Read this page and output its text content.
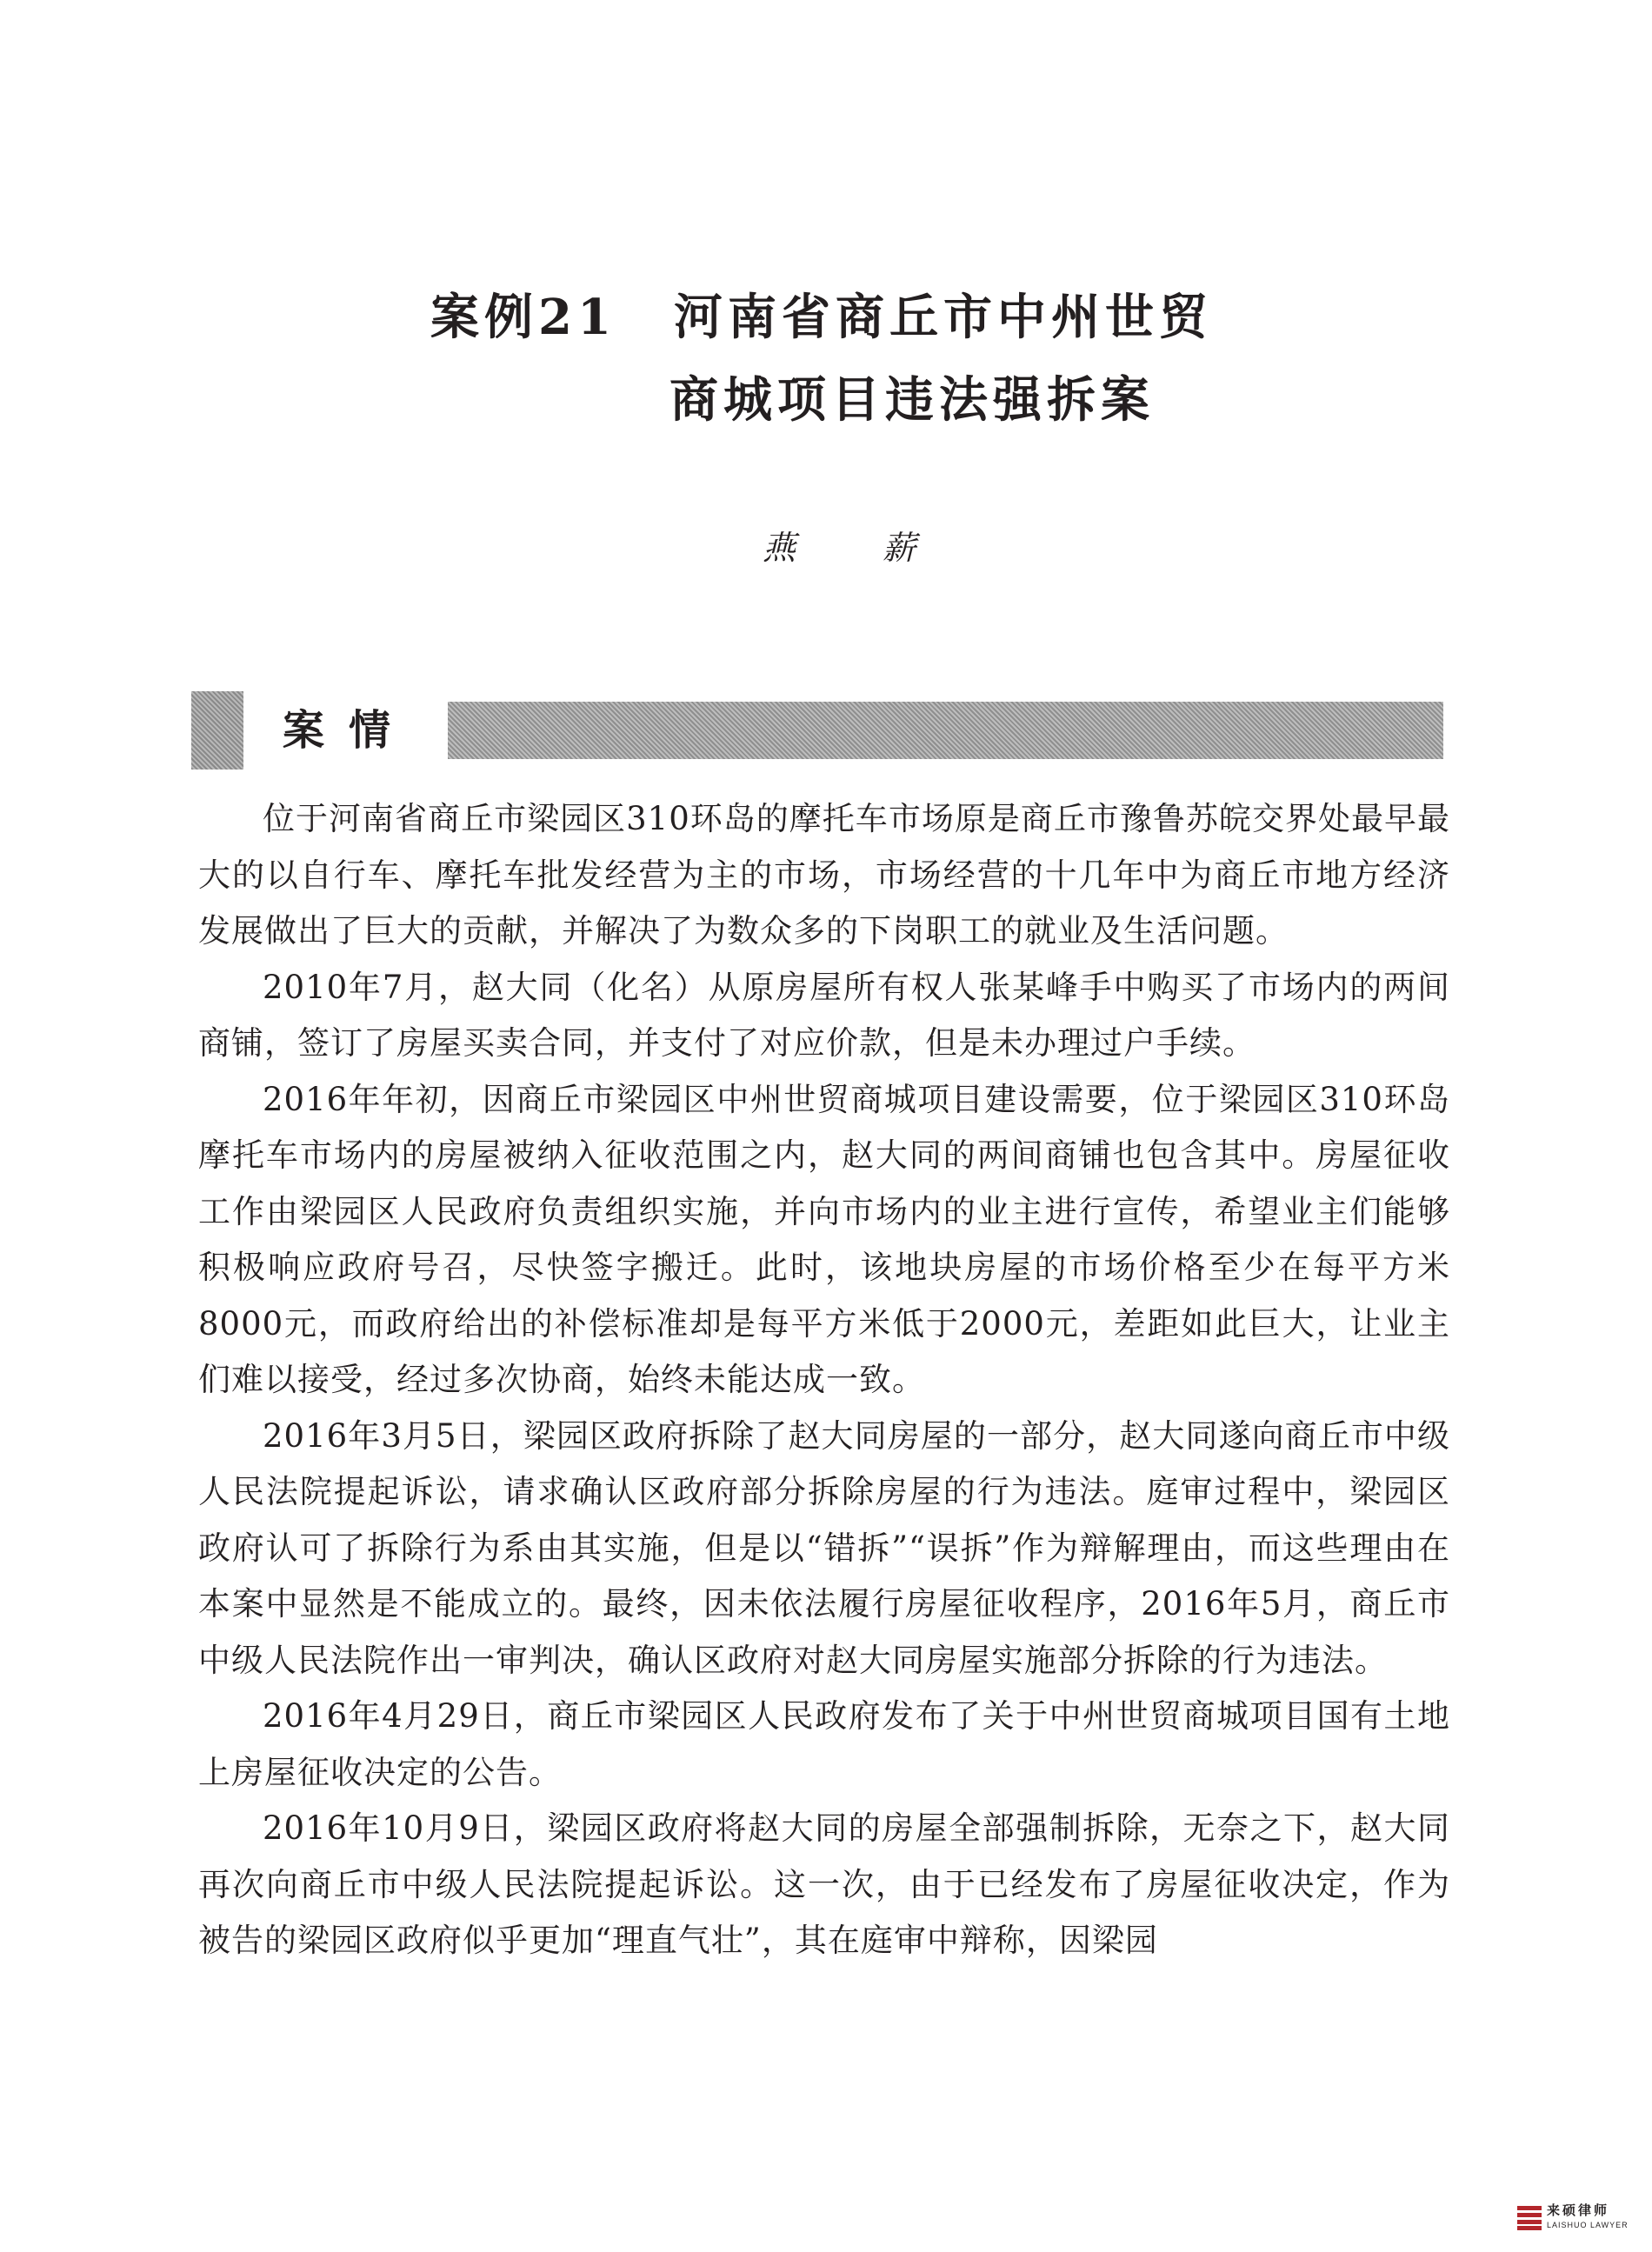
案例21 河南省商丘市中州世贸
商城项目违法强拆案
燕 薪
案情

位于河南省商丘市梁园区310环岛的摩托车市场原是商丘市豫鲁苏皖交界处最早最大的以自行车、摩托车批发经营为主的市场，市场经营的十几年中为商丘市地方经济发展做出了巨大的贡献，并解决了为数众多的下岗职工的就业及生活问题。

2010年7月，赵大同（化名）从原房屋所有权人张某峰手中购买了市场内的两间商铺，签订了房屋买卖合同，并支付了对应价款，但是未办理过户手续。

2016年年初，因商丘市梁园区中州世贸商城项目建设需要，位于梁园区310环岛摩托车市场内的房屋被纳入征收范围之内，赵大同的两间商铺也包含其中。房屋征收工作由梁园区人民政府负责组织实施，并向市场内的业主进行宣传，希望业主们能够积极响应政府号召，尽快签字搬迁。此时，该地块房屋的市场价格至少在每平方米8000元，而政府给出的补偿标准却是每平方米低于2000元，差距如此巨大，让业主们难以接受，经过多次协商，始终未能达成一致。

2016年3月5日，梁园区政府拆除了赵大同房屋的一部分，赵大同遂向商丘市中级人民法院提起诉讼，请求确认区政府部分拆除房屋的行为违法。庭审过程中，梁园区政府认可了拆除行为系由其实施，但是以“错拆”“误拆”作为辩解理由，而这些理由在本案中显然是不能成立的。最终，因未依法履行房屋征收程序，2016年5月，商丘市中级人民法院作出一审判决，确认区政府对赵大同房屋实施部分拆除的行为违法。

2016年4月29日，商丘市梁园区人民政府发布了关于中州世贸商城项目国有土地上房屋征收决定的公告。

2016年10月9日，梁园区政府将赵大同的房屋全部强制拆除，无奈之下，赵大同再次向商丘市中级人民法院提起诉讼。这一次，由于已经发布了房屋征收决定，作为被告的梁园区政府似乎更加“理直气壮”，其在庭审中辩称，因梁园

来硕律师
LAISHUO LAWYER
